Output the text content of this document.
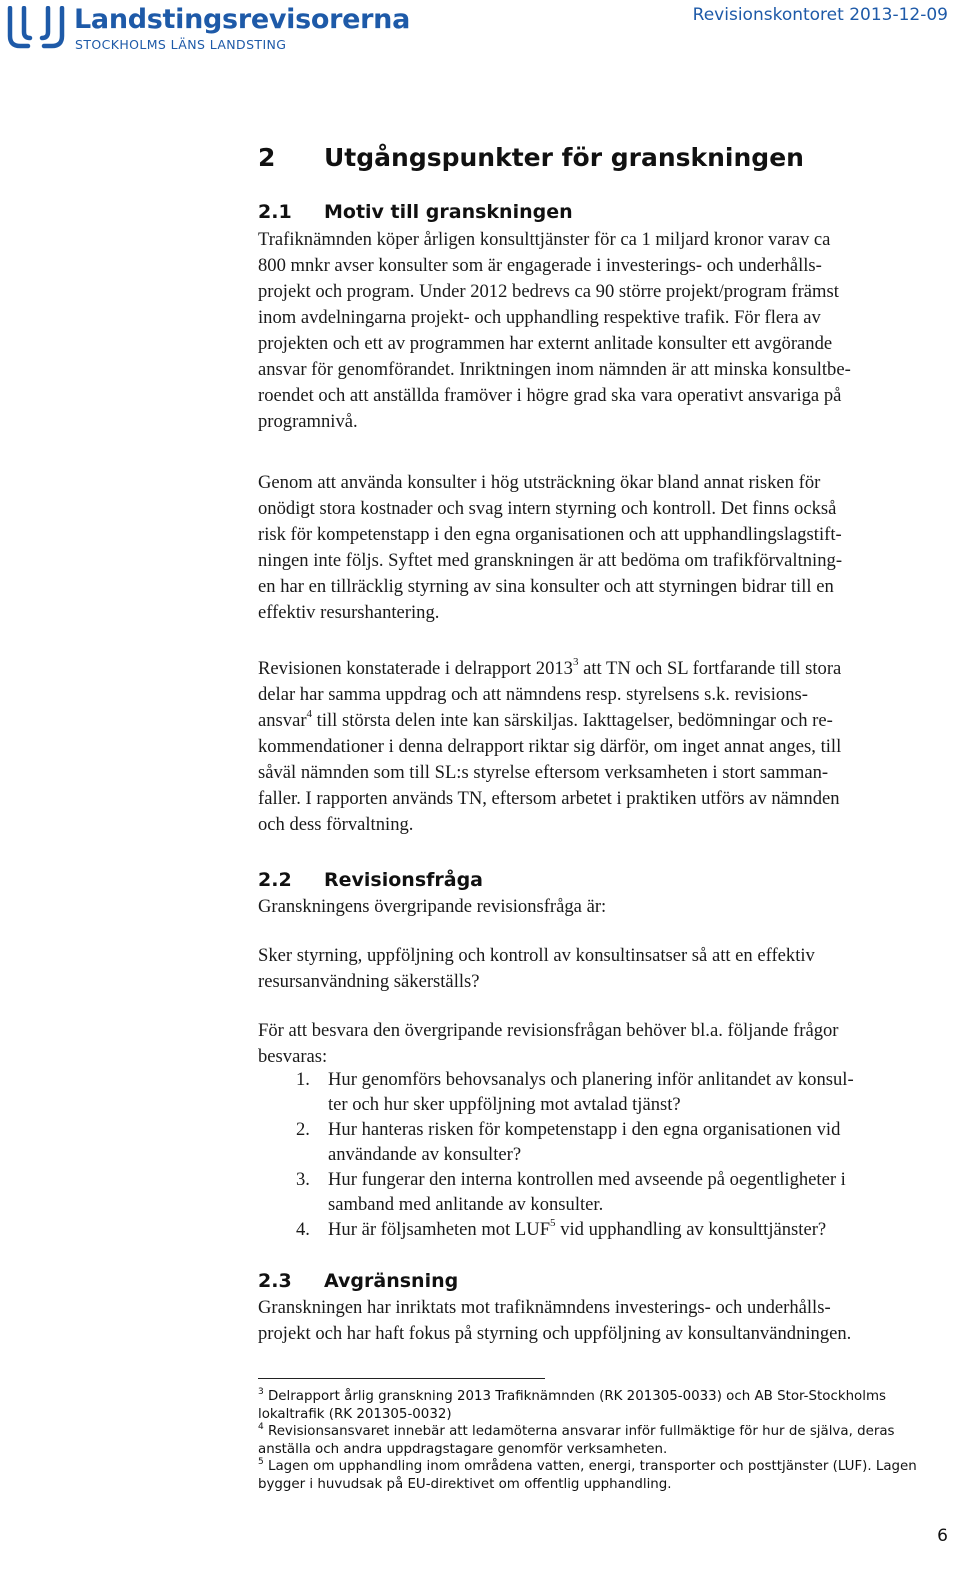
Landstingsrevisorerna
STOCKHOLMS LÄNS LANDSTING
Revisionskontoret 2013-12-09
2 Utgångspunkter för granskningen
2.1 Motiv till granskningen

Trafiknämnden köper årligen konsulttjänster för ca 1 miljard kronor varav ca
800 mnkr avser konsulter som är engagerade i investerings- och underhålls-
projekt och program. Under 2012 bedrevs ca 90 större projekt/program främst
inom avdelningarna projekt- och upphandling respektive trafik. För flera av
projekten och ett av programmen har externt anlitade konsulter ett avgörande
ansvar för genomförandet. Inriktningen inom nämnden är att minska konsultbe-
roendet och att anställda framöver i högre grad ska vara operativt ansvariga på
programnivå.

Genom att använda konsulter i hög utsträckning ökar bland annat risken för
onödigt stora kostnader och svag intern styrning och kontroll. Det finns också
risk för kompetenstapp i den egna organisationen och att upphandlingslagstift-
ningen inte följs. Syftet med granskningen är att bedöma om trafikförvaltning-
en har en tillräcklig styrning av sina konsulter och att styrningen bidrar till en
effektiv resurshantering.

Revisionen konstaterade i delrapport 2013$^3$ att TN och SL fortfarande till stora
delar har samma uppdrag och att nämndens resp. styrelsens s.k. revisions-
ansvar$^4$ till största delen inte kan särskiljas. Iakttagelser, bedömningar och re-
kommendationer i denna delrapport riktar sig därför, om inget annat anges, till
såväl nämnden som till SL:s styrelse eftersom verksamheten i stort samman-
faller. I rapporten används TN, eftersom arbetet i praktiken utförs av nämnden
och dess förvaltning.

2.2 Revisionsfråga

Granskningens övergripande revisionsfråga är:

Sker styrning, uppföljning och kontroll av konsultinsatser så att en effektiv
resursanvändning säkerställs?

För att besvara den övergripande revisionsfrågan behöver bl.a. följande frågor
besvaras:

1. Hur genomförs behovsanalys och planering inför anlitandet av konsul-
ter och hur sker uppföljning mot avtalad tjänst?
2. Hur hanteras risken för kompetenstapp i den egna organisationen vid
användande av konsulter?
3. Hur fungerar den interna kontrollen med avseende på oegentligheter i
samband med anlitande av konsulter.
4. Hur är följsamheten mot LUF$^5$ vid upphandling av konsulttjänster?
2.3 Avgränsning

Granskningen har inriktats mot trafiknämndens investerings- och underhålls-
projekt och har haft fokus på styrning och uppföljning av konsultanvändningen.

$^3$ Delrapport årlig granskning 2013 Trafiknämnden (RK 201305-0033) och AB Stor-Stockholms
lokaltrafik (RK 201305-0032)
$^4$ Revisionsansvaret innebär att ledamöterna ansvarar inför fullmäktige för hur de själva, deras
anställa och andra uppdragstagare genomför verksamheten.
$^5$ Lagen om upphandling inom områdena vatten, energi, transporter och posttjänster (LUF). Lagen
bygger i huvudsak på EU-direktivet om offentlig upphandling.
6
